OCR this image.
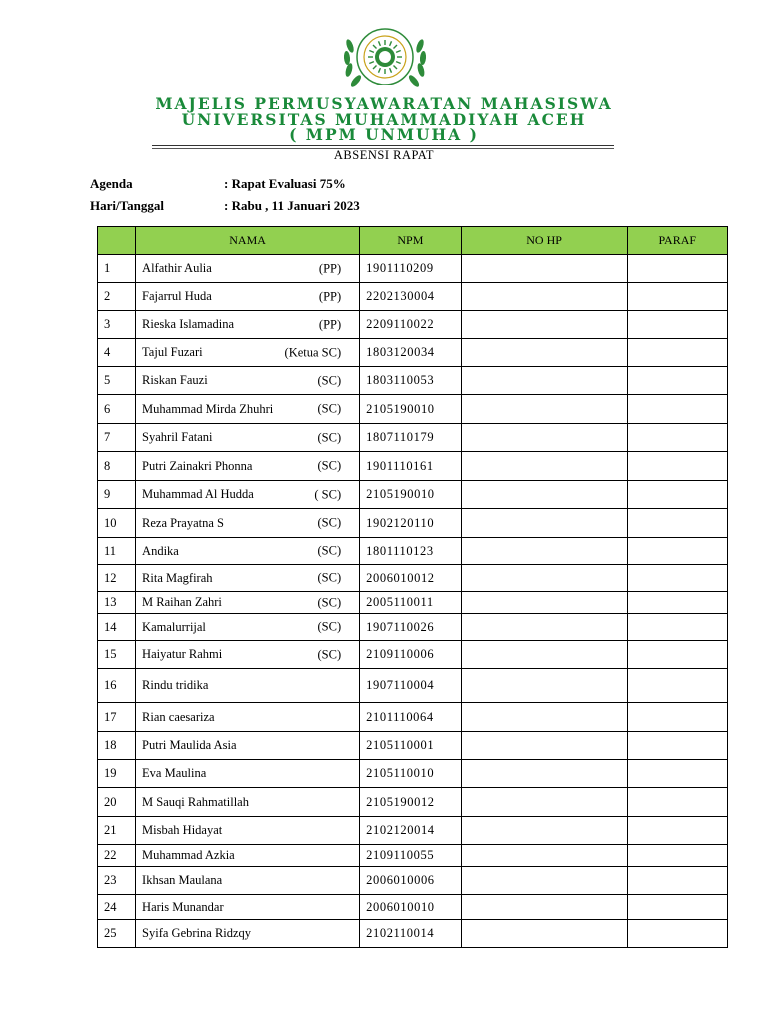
MAJELIS PERMUSYAWARATAN MAHASISWA
UNIVERSITAS MUHAMMADIYAH ACEH
( MPM UNMUHA )
ABSENSI RAPAT
Agenda	: Rapat Evaluasi 75%
Hari/Tanggal	: Rabu , 11 Januari 2023
	NAMA	NPM	NO HP	PARAF
1	Alfathir Aulia (PP)	1901110209		
2	Fajarrul Huda (PP)	2202130004		
3	Rieska Islamadina (PP)	2209110022		
4	Tajul Fuzari (Ketua SC)	1803120034		
5	Riskan Fauzi (SC)	1803110053		
6	Muhammad Mirda Zhuhri (SC)	2105190010		
7	Syahril Fatani (SC)	1807110179		
8	Putri Zainakri Phonna (SC)	1901110161		
9	Muhammad Al Hudda ( SC)	2105190010		
10	Reza Prayatna S (SC)	1902120110		
11	Andika (SC)	1801110123		
12	Rita Magfirah (SC)	2006010012		
13	M Raihan Zahri (SC)	2005110011		
14	Kamalurrijal (SC)	1907110026		
15	Haiyatur Rahmi (SC)	2109110006		
16	Rindu tridika	1907110004		
17	Rian caesariza	2101110064		
18	Putri Maulida Asia	2105110001		
19	Eva Maulina	2105110010		
20	M Sauqi Rahmatillah	2105190012		
21	Misbah Hidayat	2102120014		
22	Muhammad Azkia	2109110055		
23	Ikhsan Maulana	2006010006		
24	Haris Munandar	2006010010		
25	Syifa Gebrina Ridzqy	2102110014		
